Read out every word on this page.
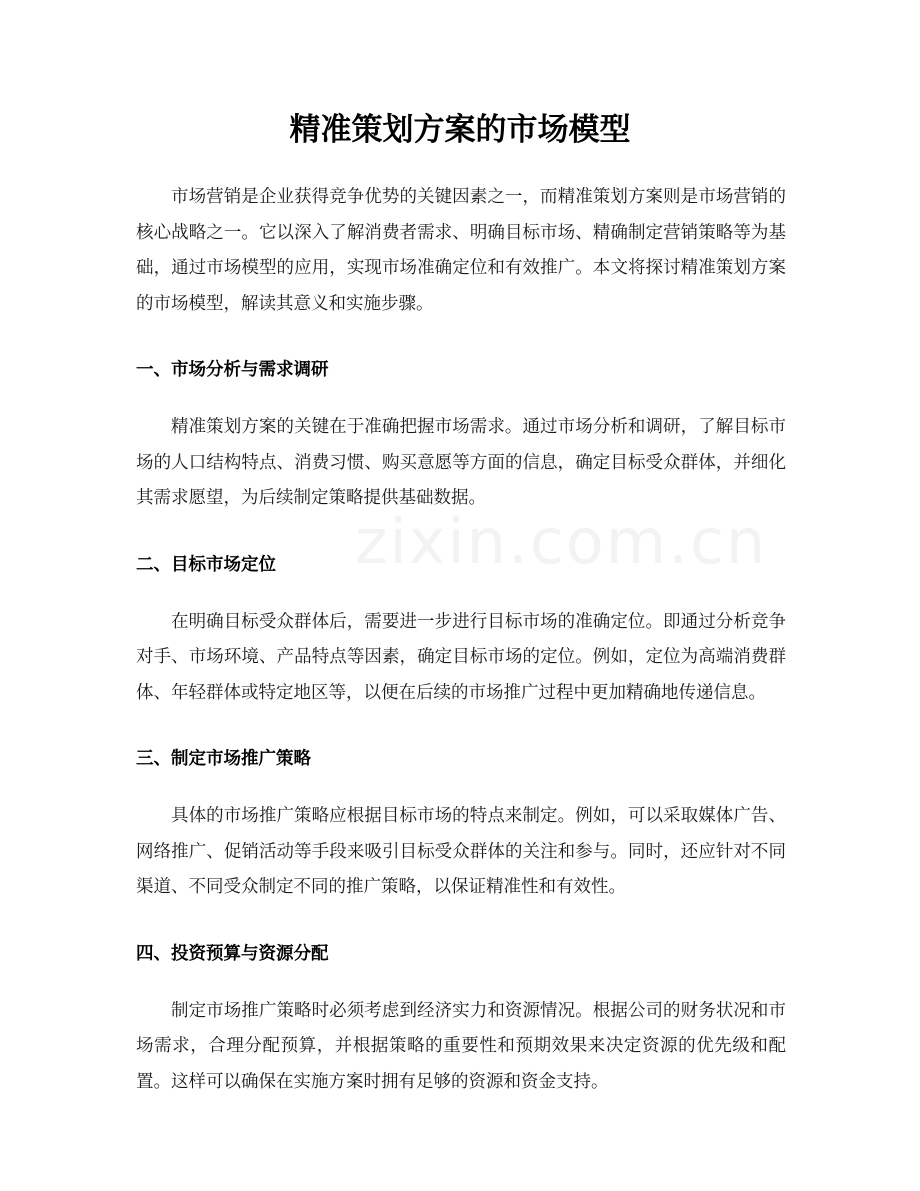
精准策划方案的市场模型

市场营销是企业获得竞争优势的关键因素之一，而精准策划方案则是市场营销的核心战略之一。它以深入了解消费者需求、明确目标市场、精确制定营销策略等为基础，通过市场模型的应用，实现市场准确定位和有效推广。本文将探讨精准策划方案的市场模型，解读其意义和实施步骤。

一、市场分析与需求调研

精准策划方案的关键在于准确把握市场需求。通过市场分析和调研，了解目标市场的人口结构特点、消费习惯、购买意愿等方面的信息，确定目标受众群体，并细化其需求愿望，为后续制定策略提供基础数据。

二、目标市场定位

在明确目标受众群体后，需要进一步进行目标市场的准确定位。即通过分析竞争对手、市场环境、产品特点等因素，确定目标市场的定位。例如，定位为高端消费群体、年轻群体或特定地区等，以便在后续的市场推广过程中更加精确地传递信息。

三、制定市场推广策略

具体的市场推广策略应根据目标市场的特点来制定。例如，可以采取媒体广告、网络推广、促销活动等手段来吸引目标受众群体的关注和参与。同时，还应针对不同渠道、不同受众制定不同的推广策略，以保证精准性和有效性。

四、投资预算与资源分配

制定市场推广策略时必须考虑到经济实力和资源情况。根据公司的财务状况和市场需求，合理分配预算，并根据策略的重要性和预期效果来决定资源的优先级和配置。这样可以确保在实施方案时拥有足够的资源和资金支持。

zixin.com.cn
